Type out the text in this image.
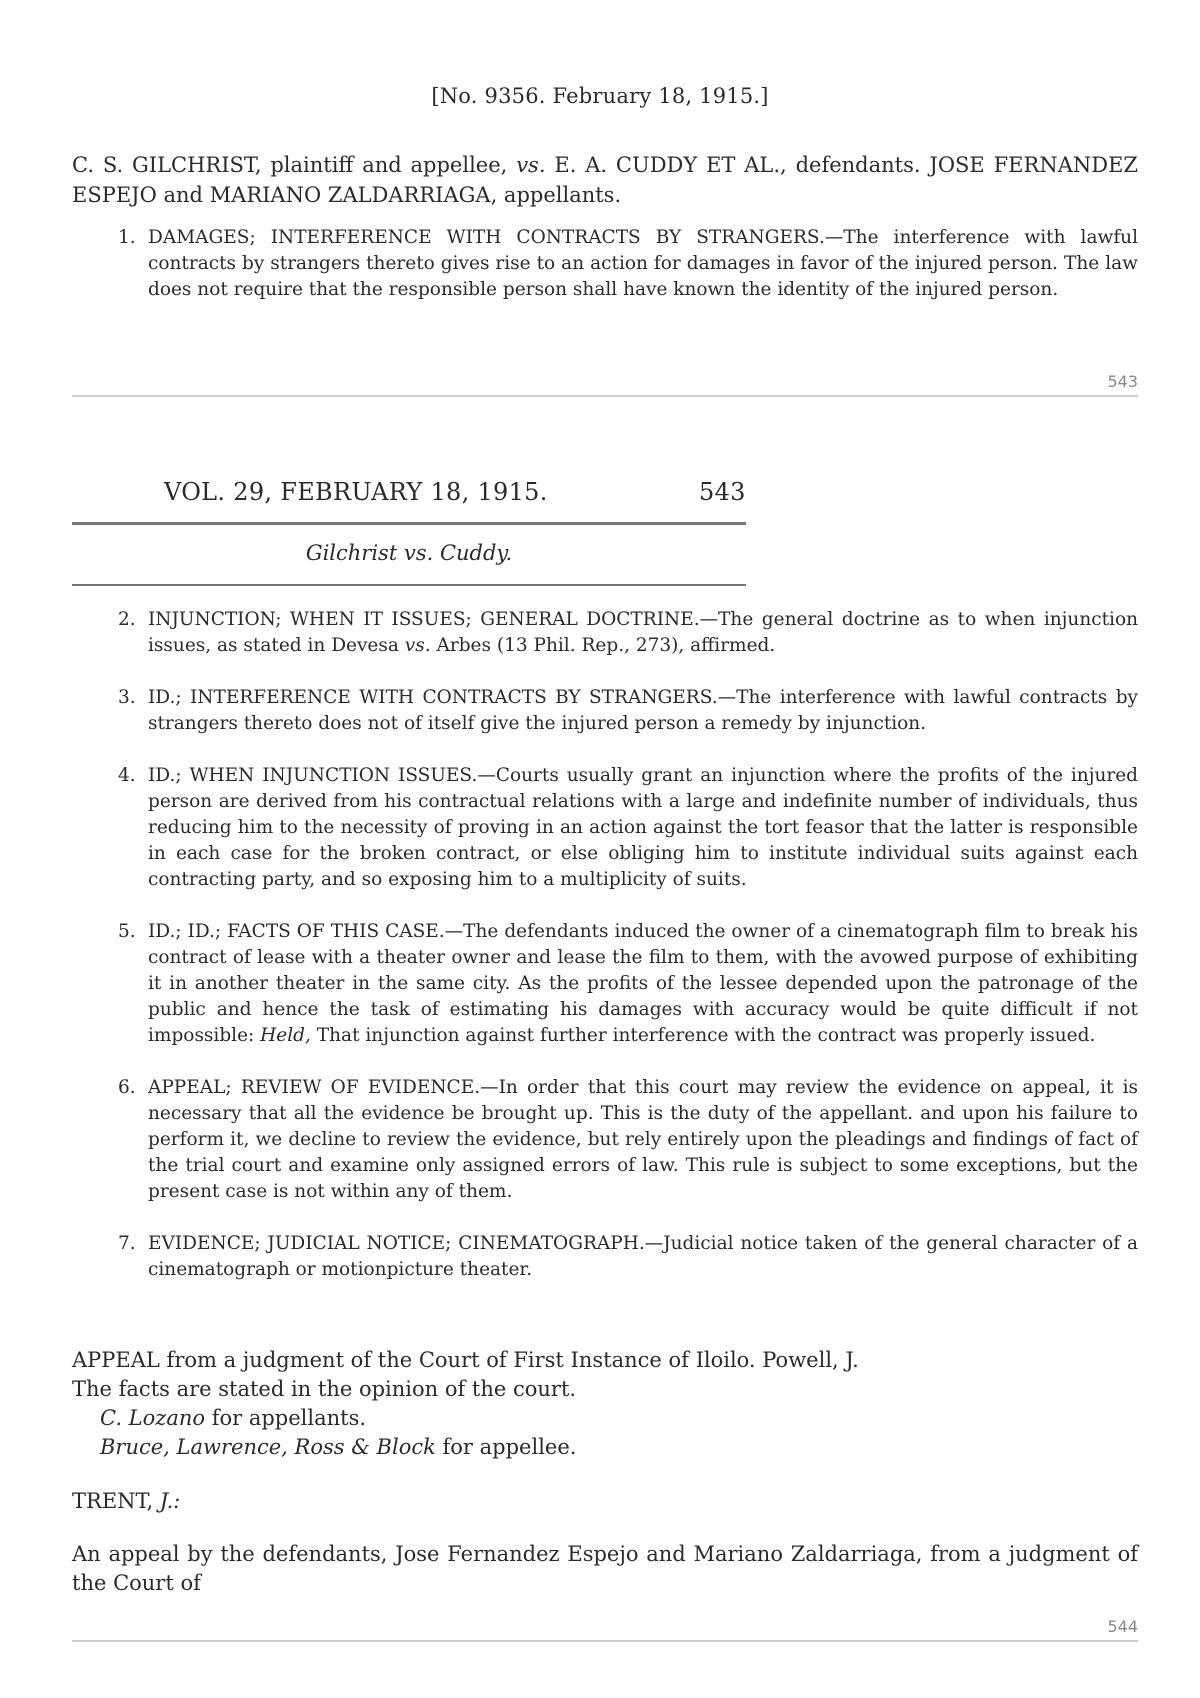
[No. 9356. February 18, 1915.]
C. S. GILCHRIST, plaintiff and appellee, vs. E. A. CUDDY ET AL., defendants. JOSE FERNANDEZ ESPEJO and MARIANO ZALDARRIAGA, appellants.
1. DAMAGES; INTERFERENCE WITH CONTRACTS BY STRANGERS.—The interference with lawful contracts by strangers thereto gives rise to an action for damages in favor of the injured person. The law does not require that the responsible person shall have known the identity of the injured person.
543
VOL. 29, FEBRUARY 18, 1915.	543
Gilchrist vs. Cuddy.
2. INJUNCTION; WHEN IT ISSUES; GENERAL DOCTRINE.—The general doctrine as to when injunction issues, as stated in Devesa vs. Arbes (13 Phil. Rep., 273), affirmed.
3. ID.; INTERFERENCE WITH CONTRACTS BY STRANGERS.—The interference with lawful contracts by strangers thereto does not of itself give the injured person a remedy by injunction.
4. ID.; WHEN INJUNCTION ISSUES.—Courts usually grant an injunction where the profits of the injured person are derived from his contractual relations with a large and indefinite number of individuals, thus reducing him to the necessity of proving in an action against the tort feasor that the latter is responsible in each case for the broken contract, or else obliging him to institute individual suits against each contracting party, and so exposing him to a multiplicity of suits.
5. ID.; ID.; FACTS OF THIS CASE.—The defendants induced the owner of a cinematograph film to break his contract of lease with a theater owner and lease the film to them, with the avowed purpose of exhibiting it in another theater in the same city. As the profits of the lessee depended upon the patronage of the public and hence the task of estimating his damages with accuracy would be quite difficult if not impossible: Held, That injunction against further interference with the contract was properly issued.
6. APPEAL; REVIEW OF EVIDENCE.—In order that this court may review the evidence on appeal, it is necessary that all the evidence be brought up. This is the duty of the appellant. and upon his failure to perform it, we decline to review the evidence, but rely entirely upon the pleadings and findings of fact of the trial court and examine only assigned errors of law. This rule is subject to some exceptions, but the present case is not within any of them.
7. EVIDENCE; JUDICIAL NOTICE; CINEMATOGRAPH.—Judicial notice taken of the general character of a cinematograph or motionpicture theater.

APPEAL from a judgment of the Court of First Instance of Iloilo. Powell, J.

The facts are stated in the opinion of the court.

C. Lozano for appellants.

Bruce, Lawrence, Ross & Block for appellee.

TRENT, J.:
An appeal by the defendants, Jose Fernandez Espejo and Mariano Zaldarriaga, from a judgment of the Court of
544
